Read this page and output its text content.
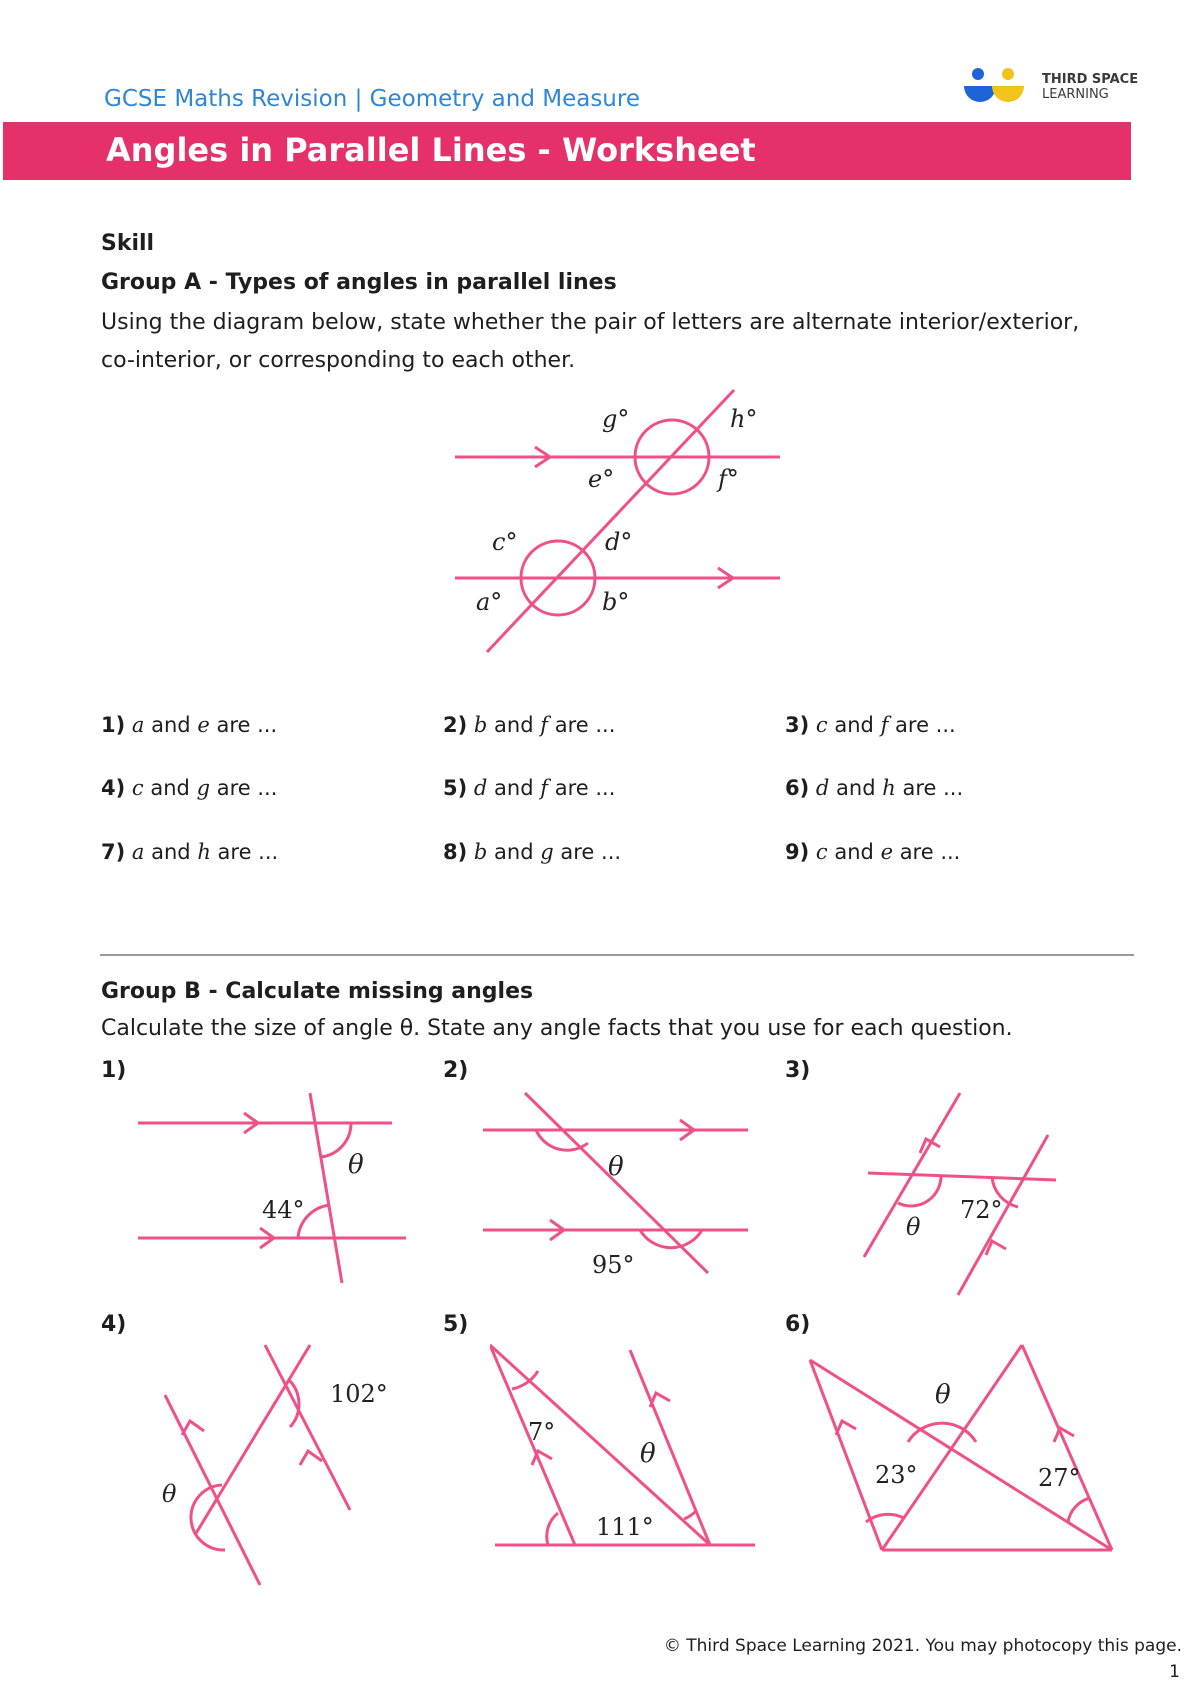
GCSE Maths Revision | Geometry and Measure
THIRD SPACE
LEARNING
Angles in Parallel Lines - Worksheet
Skill
Group A - Types of angles in parallel lines
Using the diagram below, state whether the pair of letters are alternate interior/exterior, co-interior, or corresponding to each other.
g°	h°
e°	f°
c°	d°
a°	b°
1) a and e are ...	2) b and f are ...	3) c and f are ...
4) c and g are ...	5) d and f are ...	6) d and h are ...
7) a and h are ...	8) b and g are ...	9) c and e are ...
Group B - Calculate missing angles
Calculate the size of angle θ. State any angle facts that you use for each question.
1)	2)	3)
4)	5)	6)
θ
44°
θ
95°
θ
72°
θ
102°
7°
θ
111°
θ
23°	27°
© Third Space Learning 2021. You may photocopy this page.
1
